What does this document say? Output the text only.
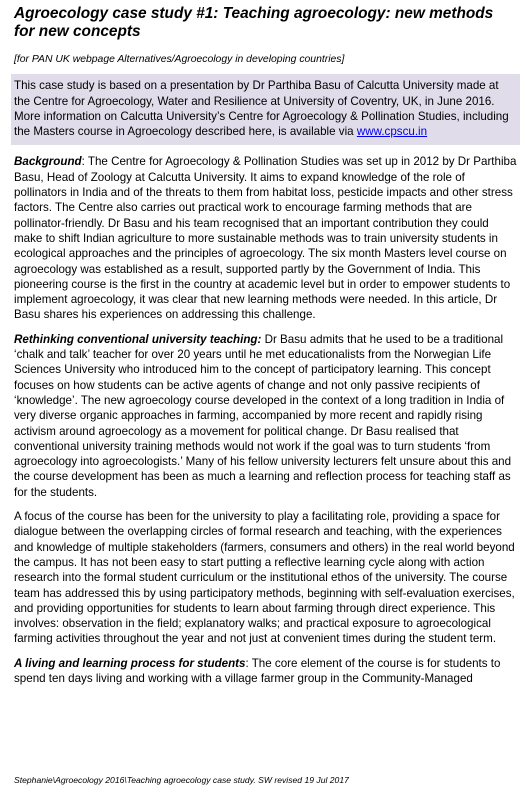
Agroecology case study #1: Teaching agroecology: new methods for new concepts
[for PAN UK webpage Alternatives/Agroecology in developing countries]
This case study is based on a presentation by Dr Parthiba Basu of Calcutta University made at the Centre for Agroecology, Water and Resilience at University of Coventry, UK, in June 2016. More information on Calcutta University’s Centre for Agroecology & Pollination Studies, including the Masters course in Agroecology described here, is available via www.cpscu.in

Background: The Centre for Agroecology & Pollination Studies was set up in 2012 by Dr Parthiba Basu, Head of Zoology at Calcutta University. It aims to expand knowledge of the role of pollinators in India and of the threats to them from habitat loss, pesticide impacts and other stress factors. The Centre also carries out practical work to encourage farming methods that are pollinator-friendly. Dr Basu and his team recognised that an important contribution they could make to shift Indian agriculture to more sustainable methods was to train university students in ecological approaches and the principles of agroecology. The six month Masters level course on agroecology was established as a result, supported partly by the Government of India. This pioneering course is the first in the country at academic level but in order to empower students to implement agroecology, it was clear that new learning methods were needed. In this article, Dr Basu shares his experiences on addressing this challenge.

Rethinking conventional university teaching: Dr Basu admits that he used to be a traditional ‘chalk and talk’ teacher for over 20 years until he met educationalists from the Norwegian Life Sciences University who introduced him to the concept of participatory learning. This concept focuses on how students can be active agents of change and not only passive recipients of ‘knowledge’. The new agroecology course developed in the context of a long tradition in India of very diverse organic approaches in farming, accompanied by more recent and rapidly rising activism around agroecology as a movement for political change. Dr Basu realised that conventional university training methods would not work if the goal was to turn students ‘from agroecology into agroecologists.’ Many of his fellow university lecturers felt unsure about this and the course development has been as much a learning and reflection process for teaching staff as for the students.

A focus of the course has been for the university to play a facilitating role, providing a space for dialogue between the overlapping circles of formal research and teaching, with the experiences and knowledge of multiple stakeholders (farmers, consumers and others) in the real world beyond the campus. It has not been easy to start putting a reflective learning cycle along with action research into the formal student curriculum or the institutional ethos of the university. The course team has addressed this by using participatory methods, beginning with self-evaluation exercises, and providing opportunities for students to learn about farming through direct experience. This involves: observation in the field; explanatory walks; and practical exposure to agroecological farming activities throughout the year and not just at convenient times during the student term.

A living and learning process for students: The core element of the course is for students to spend ten days living and working with a village farmer group in the Community-Managed

Stephanie\Agroecology 2016\Teaching agroecology case study. SW revised 19 Jul 2017
